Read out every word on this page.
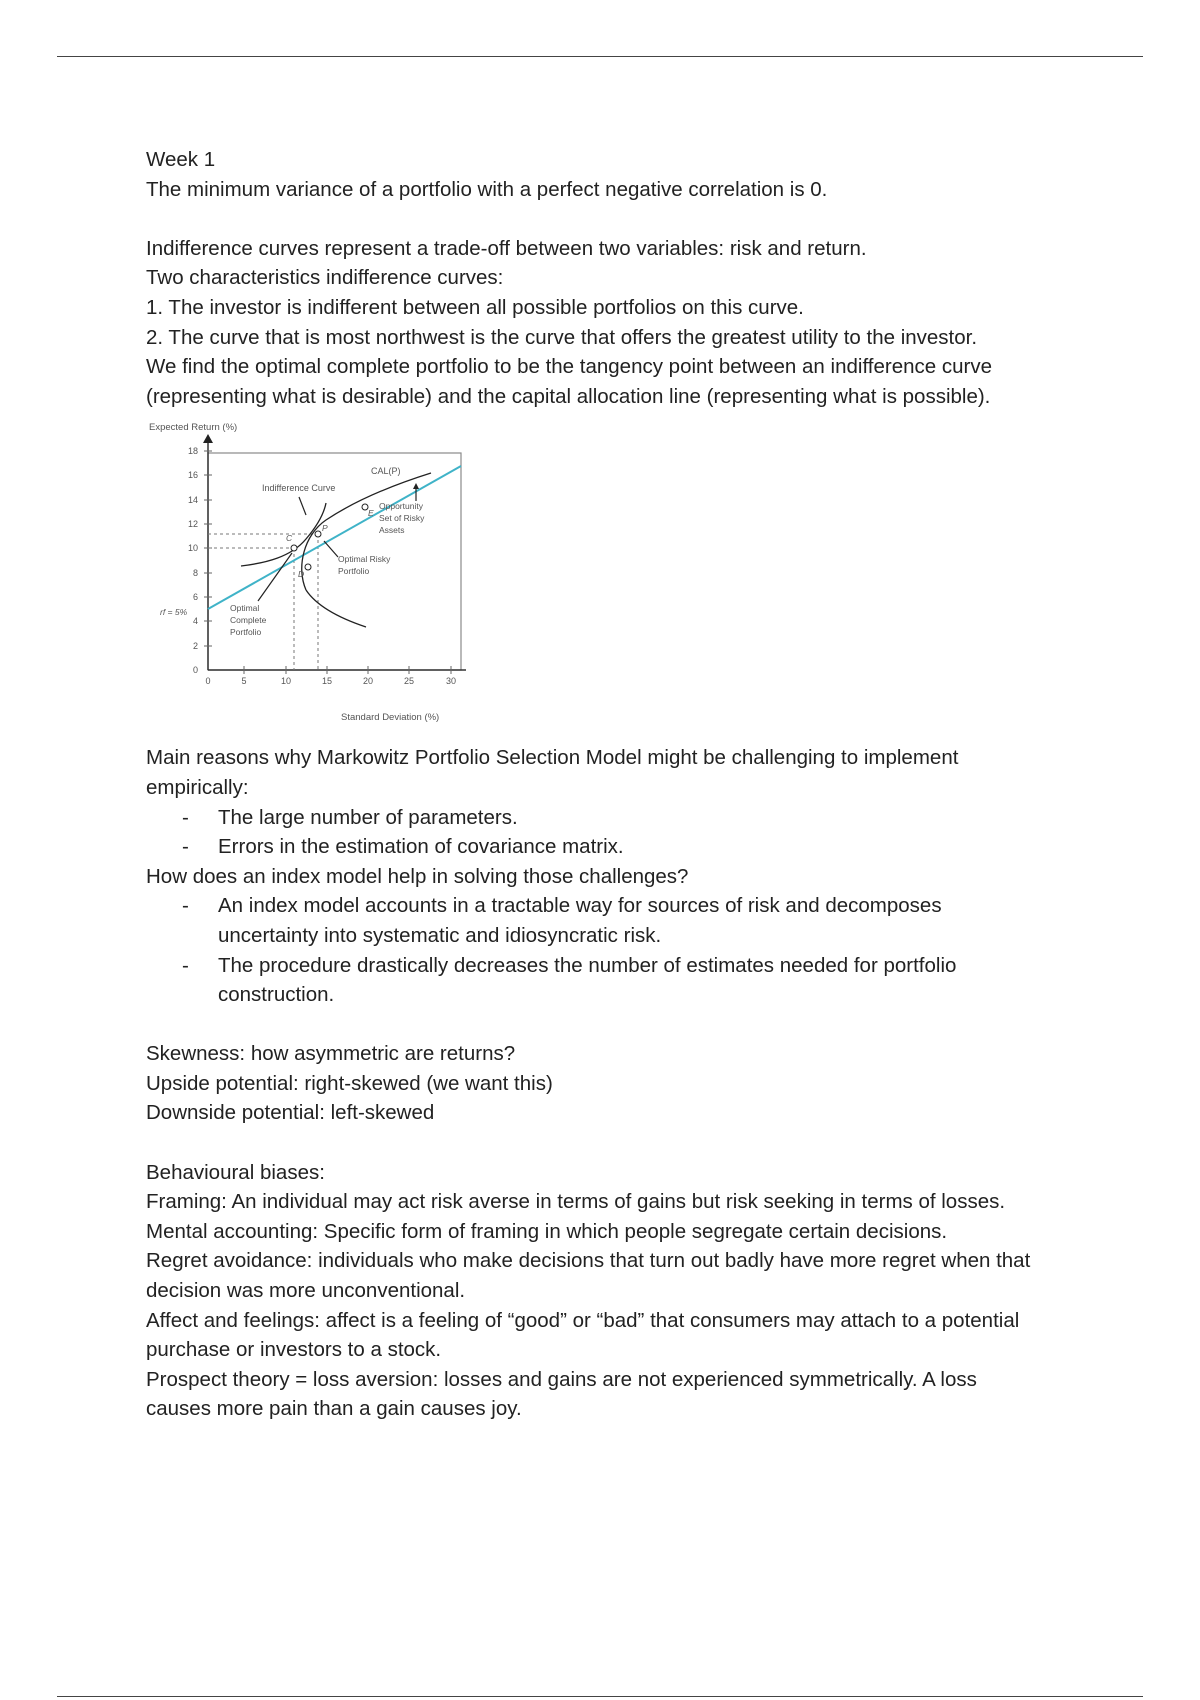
Week 1

The minimum variance of a portfolio with a perfect negative correlation is 0.

Indifference curves represent a trade-off between two variables: risk and return.

Two characteristics indifference curves:

1. The investor is indifferent between all possible portfolios on this curve.

2. The curve that is most northwest is the curve that offers the greatest utility to the investor.

We find the optimal complete portfolio to be the tangency point between an indifference curve (representing what is desirable) and the capital allocation line (representing what is possible).

Expected Return (%)
Standard Deviation (%)
0
2
4
6
8
10
12
14
16
18
0	5	10	15	20	25	30
rf = 5%
C
P
E
D
CAL(P)
Indifference Curve
Opportunity
Set of Risky
Assets
Optimal Risky
Portfolio
Optimal
Complete
Portfolio

Main reasons why Markowitz Portfolio Selection Model might be challenging to implement empirically:

- The large number of parameters.
- Errors in the estimation of covariance matrix.

How does an index model help in solving those challenges?

- An index model accounts in a tractable way for sources of risk and decomposes uncertainty into systematic and idiosyncratic risk.
- The procedure drastically decreases the number of estimates needed for portfolio construction.

Skewness: how asymmetric are returns?

Upside potential: right-skewed (we want this)

Downside potential: left-skewed

Behavioural biases:

Framing: An individual may act risk averse in terms of gains but risk seeking in terms of losses.

Mental accounting: Specific form of framing in which people segregate certain decisions.

Regret avoidance: individuals who make decisions that turn out badly have more regret when that decision was more unconventional.

Affect and feelings: affect is a feeling of “good” or “bad” that consumers may attach to a potential purchase or investors to a stock.

Prospect theory = loss aversion: losses and gains are not experienced symmetrically. A loss causes more pain than a gain causes joy.
